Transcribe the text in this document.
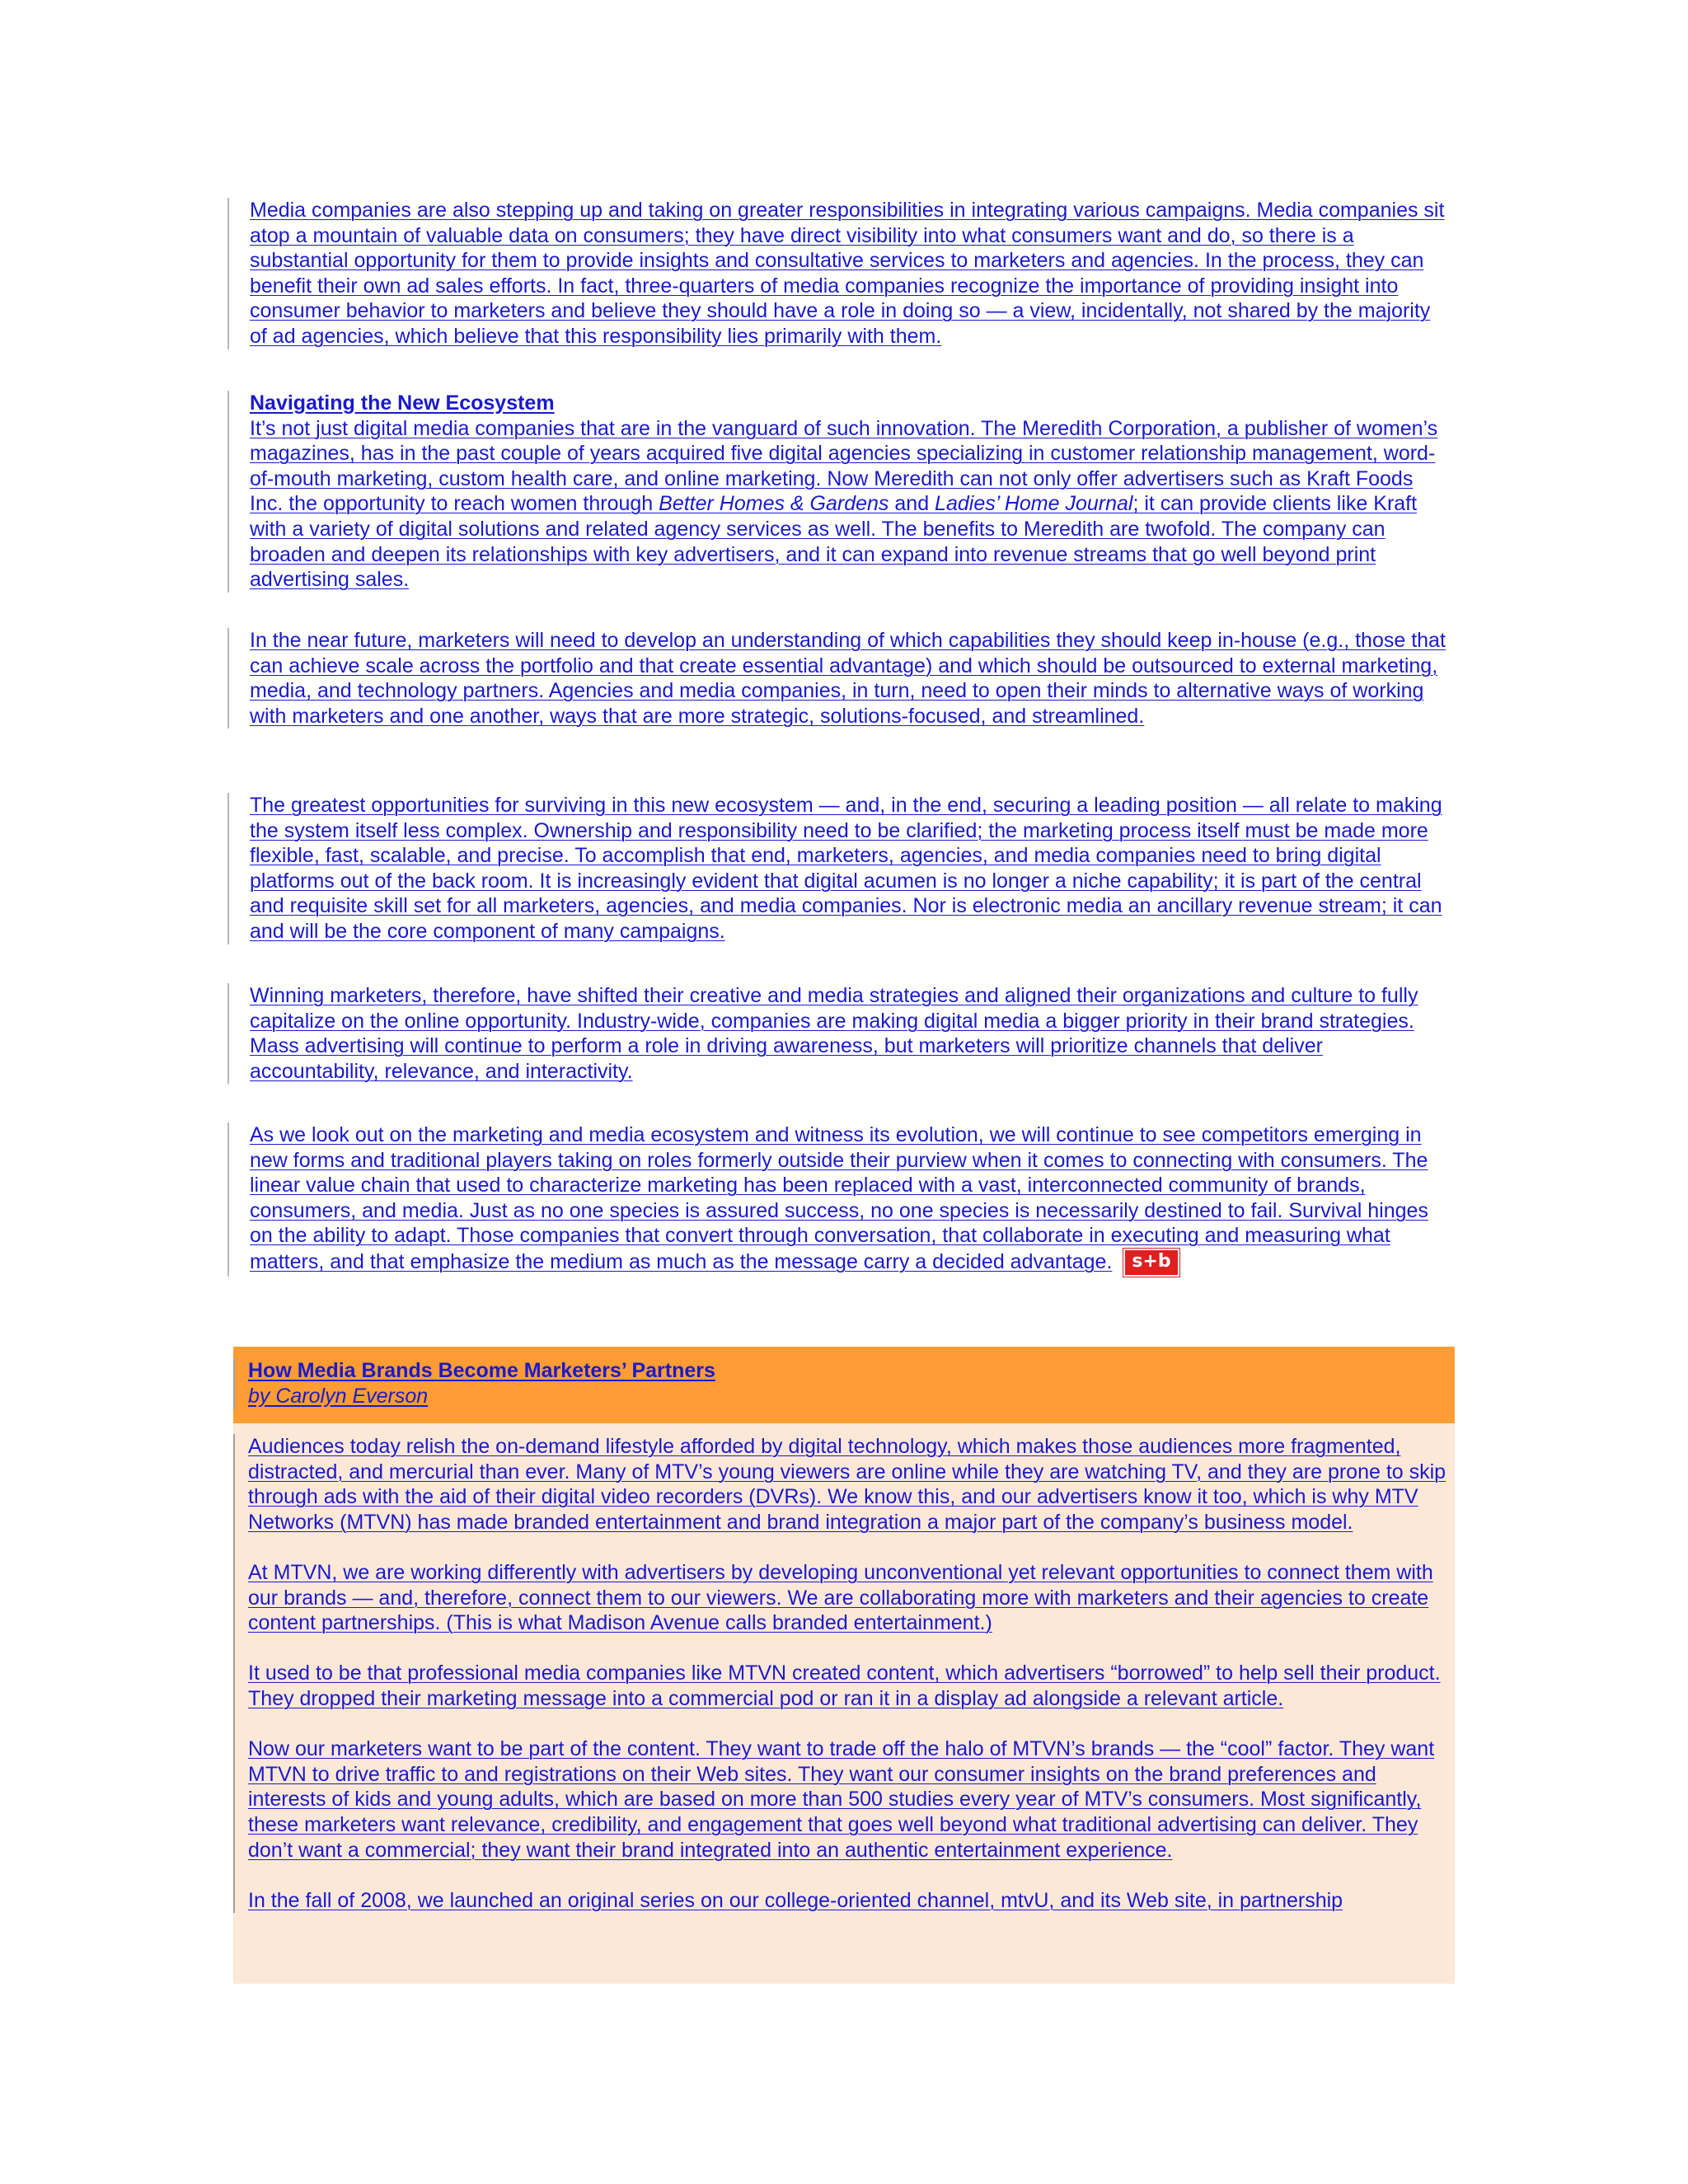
Media companies are also stepping up and taking on greater responsibilities in integrating various campaigns. Media companies sit atop a mountain of valuable data on consumers; they have direct visibility into what consumers want and do, so there is a substantial opportunity for them to provide insights and consultative services to marketers and agencies. In the process, they can benefit their own ad sales efforts. In fact, three-quarters of media companies recognize the importance of providing insight into consumer behavior to marketers and believe they should have a role in doing so — a view, incidentally, not shared by the majority of ad agencies, which believe that this responsibility lies primarily with them.

Navigating the New Ecosystem

It’s not just digital media companies that are in the vanguard of such innovation. The Meredith Corporation, a publisher of women’s magazines, has in the past couple of years acquired five digital agencies specializing in customer relationship management, word-of-mouth marketing, custom health care, and online marketing. Now Meredith can not only offer advertisers such as Kraft Foods Inc. the opportunity to reach women through Better Homes & Gardens and Ladies’ Home Journal; it can provide clients like Kraft with a variety of digital solutions and related agency services as well. The benefits to Meredith are twofold. The company can broaden and deepen its relationships with key advertisers, and it can expand into revenue streams that go well beyond print advertising sales.

In the near future, marketers will need to develop an understanding of which capabilities they should keep in-house (e.g., those that can achieve scale across the portfolio and that create essential advantage) and which should be outsourced to external marketing, media, and technology partners. Agencies and media companies, in turn, need to open their minds to alternative ways of working with marketers and one another, ways that are more strategic, solutions-focused, and streamlined.

The greatest opportunities for surviving in this new ecosystem — and, in the end, securing a leading position — all relate to making the system itself less complex. Ownership and responsibility need to be clarified; the marketing process itself must be made more flexible, fast, scalable, and precise. To accomplish that end, marketers, agencies, and media companies need to bring digital platforms out of the back room. It is increasingly evident that digital acumen is no longer a niche capability; it is part of the central and requisite skill set for all marketers, agencies, and media companies. Nor is electronic media an ancillary revenue stream; it can and will be the core component of many campaigns.

Winning marketers, therefore, have shifted their creative and media strategies and aligned their organizations and culture to fully capitalize on the online opportunity. Industry-wide, companies are making digital media a bigger priority in their brand strategies. Mass advertising will continue to perform a role in driving awareness, but marketers will prioritize channels that deliver accountability, relevance, and interactivity.

As we look out on the marketing and media ecosystem and witness its evolution, we will continue to see competitors emerging in new forms and traditional players taking on roles formerly outside their purview when it comes to connecting with consumers. The linear value chain that used to characterize marketing has been replaced with a vast, interconnected community of brands, consumers, and media. Just as no one species is assured success, no one species is necessarily destined to fail. Survival hinges on the ability to adapt. Those companies that convert through conversation, that collaborate in executing and measuring what matters, and that emphasize the medium as much as the message carry a decided advantage. s+b

How Media Brands Become Marketers’ Partners

by Carolyn Everson

Audiences today relish the on-demand lifestyle afforded by digital technology, which makes those audiences more fragmented, distracted, and mercurial than ever. Many of MTV’s young viewers are online while they are watching TV, and they are prone to skip through ads with the aid of their digital video recorders (DVRs). We know this, and our advertisers know it too, which is why MTV Networks (MTVN) has made branded entertainment and brand integration a major part of the company’s business model.

At MTVN, we are working differently with advertisers by developing unconventional yet relevant opportunities to connect them with our brands — and, therefore, connect them to our viewers. We are collaborating more with marketers and their agencies to create content partnerships. (This is what Madison Avenue calls branded entertainment.)

It used to be that professional media companies like MTVN created content, which advertisers “borrowed” to help sell their product. They dropped their marketing message into a commercial pod or ran it in a display ad alongside a relevant article.

Now our marketers want to be part of the content. They want to trade off the halo of MTVN’s brands — the “cool” factor. They want MTVN to drive traffic to and registrations on their Web sites. They want our consumer insights on the brand preferences and interests of kids and young adults, which are based on more than 500 studies every year of MTV’s consumers. Most significantly, these marketers want relevance, credibility, and engagement that goes well beyond what traditional advertising can deliver. They don’t want a commercial; they want their brand integrated into an authentic entertainment experience.

In the fall of 2008, we launched an original series on our college-oriented channel, mtvU, and its Web site, in partnership
